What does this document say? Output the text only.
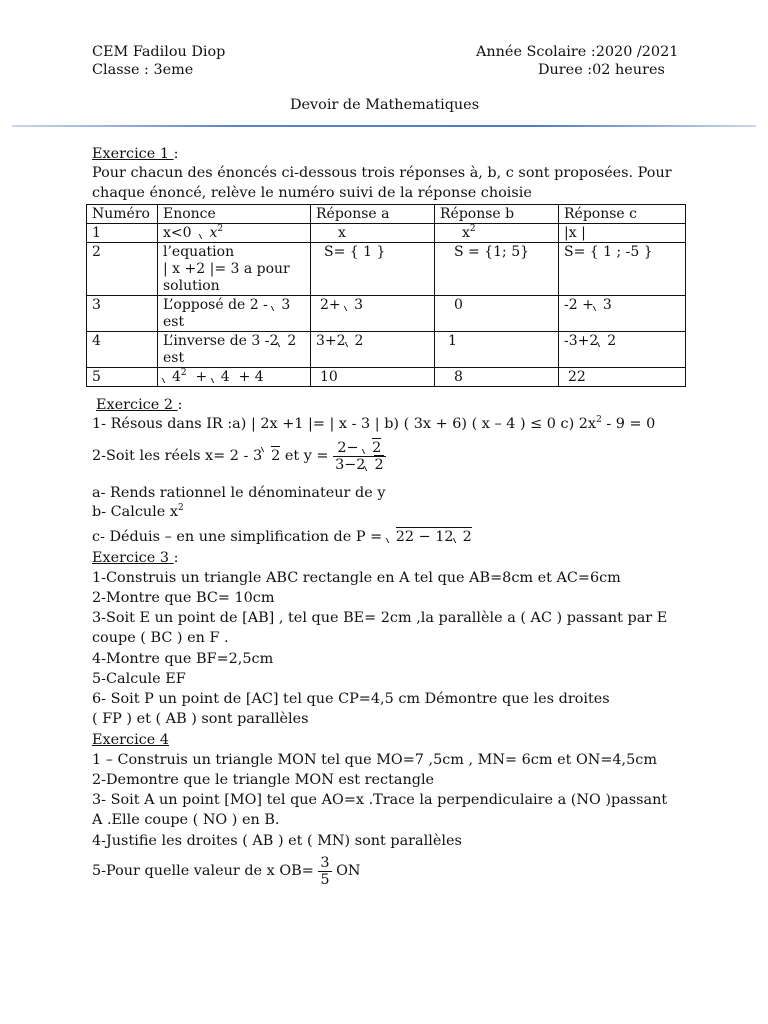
CEM Fadilou Diop	Année Scolaire :2020 /2021
Classe : 3eme	Duree :02 heures
Devoir de Mathematiques
Exercice 1 :
Pour chacun des énoncés ci-dessous trois réponses à, b, c sont proposées. Pour
chaque énoncé, relève le numéro suivi de la réponse choisie
Numéro	Enonce	Réponse a	Réponse b	Réponse c
1	x<0 $x^2$	x	$x^2$	|x |
2	l’equation
| x +2 |= 3 a pour
solution	S= { 1 }	S = {1; 5}	S= { 1 ; -5 }
3	L’opposé de 2 - 3
est	2+ 3	0	-2 + 3
4	L’inverse de 3 -2 2
est	3+2 2	1	-3+2 2
5	$4^2 + 4 + 4$	10	8	22
Exercice 2 :
1- Résous dans IR :a) | 2x +1 |= | x - 3 | b) ( 3x + 6) ( x – 4 ) ≤ 0 c) $2x^2 - 9 = 0$
2-Soit les réels x= 2 - 3 2 et $y = \frac{2- 2}{3-2 2}$
a- Rends rationnel le dénominateur de y
b- Calcule $x^2$
c- Déduis – en une simplification de P = 22 − 12 2
Exercice 3 :
1-Construis un triangle ABC rectangle en A tel que AB=8cm et AC=6cm
2-Montre que BC= 10cm
3-Soit E un point de [AB] , tel que BE= 2cm ,la parallèle a ( AC ) passant par E
coupe ( BC ) en F .
4-Montre que BF=2,5cm
5-Calcule EF
6- Soit P un point de [AC] tel que CP=4,5 cm Démontre que les droites
( FP ) et ( AB ) sont parallèles
Exercice 4
1 – Construis un triangle MON tel que MO=7 ,5cm , MN= 6cm et ON=4,5cm
2-Demontre que le triangle MON est rectangle
3- Soit A un point [MO] tel que AO=x .Trace la perpendiculaire a (NO )passant
A .Elle coupe ( NO ) en B.
4-Justifie les droites ( AB ) et ( MN) sont parallèles
5-Pour quelle valeur de x $OB= \frac{3}{5}$ ON
